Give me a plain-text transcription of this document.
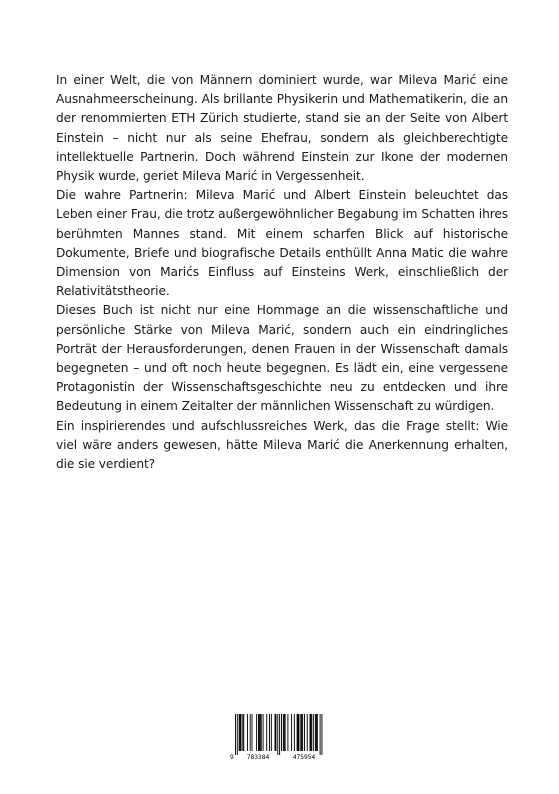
In einer Welt, die von Männern dominiert wurde, war Mileva Marić eine Ausnahmeerscheinung. Als brillante Physikerin und Mathematikerin, die an der renommierten ETH Zürich studierte, stand sie an der Seite von Albert Einstein – nicht nur als seine Ehefrau, sondern als gleichberechtigte intellektuelle Partnerin. Doch während Einstein zur Ikone der modernen Physik wurde, geriet Mileva Marić in Vergessenheit.

Die wahre Partnerin: Mileva Marić und Albert Einstein beleuchtet das Leben einer Frau, die trotz außergewöhnlicher Begabung im Schatten ihres berühmten Mannes stand. Mit einem scharfen Blick auf historische Dokumente, Briefe und biografische Details enthüllt Anna Matic die wahre Dimension von Marićs Einfluss auf Einsteins Werk, einschließlich der Relativitätstheorie.

Dieses Buch ist nicht nur eine Hommage an die wissenschaftliche und persönliche Stärke von Mileva Marić, sondern auch ein eindringliches Porträt der Herausforderungen, denen Frauen in der Wissenschaft damals begegneten – und oft noch heute begegnen. Es lädt ein, eine vergessene Protagonistin der Wissenschaftsgeschichte neu zu entdecken und ihre Bedeutung in einem Zeitalter der männlichen Wissenschaft zu würdigen.

Ein inspirierendes und aufschlussreiches Werk, das die Frage stellt: Wie viel wäre anders gewesen, hätte Mileva Marić die Anerkennung erhalten, die sie verdient?

9 783384	475954
